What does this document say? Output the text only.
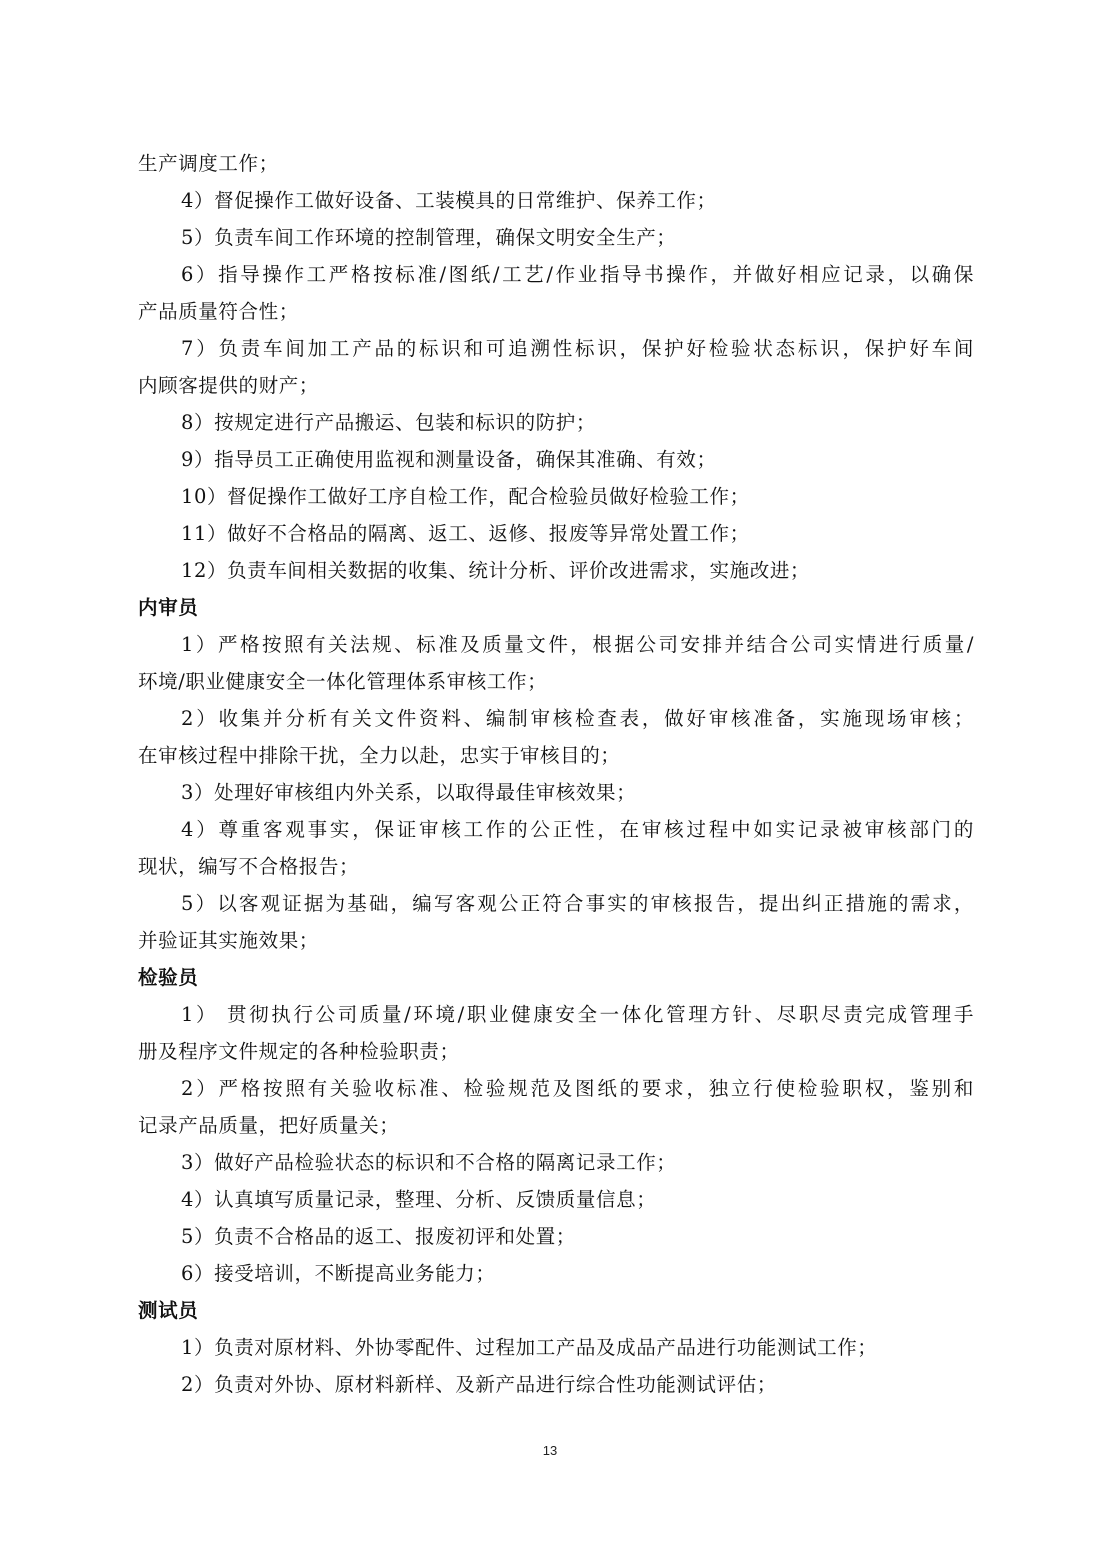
生产调度工作；
4）督促操作工做好设备、工装模具的日常维护、保养工作；
5）负责车间工作环境的控制管理，确保文明安全生产；
6）指导操作工严格按标准/图纸/工艺/作业指导书操作，并做好相应记录，以确保
产品质量符合性；
7）负责车间加工产品的标识和可追溯性标识，保护好检验状态标识，保护好车间
内顾客提供的财产；
8）按规定进行产品搬运、包装和标识的防护；
9）指导员工正确使用监视和测量设备，确保其准确、有效；
10）督促操作工做好工序自检工作，配合检验员做好检验工作；
11）做好不合格品的隔离、返工、返修、报废等异常处置工作；
12）负责车间相关数据的收集、统计分析、评价改进需求，实施改进；
内审员
1）严格按照有关法规、标准及质量文件，根据公司安排并结合公司实情进行质量/
环境/职业健康安全一体化管理体系审核工作；
2）收集并分析有关文件资料、编制审核检查表，做好审核准备，实施现场审核；
在审核过程中排除干扰，全力以赴，忠实于审核目的；
3）处理好审核组内外关系，以取得最佳审核效果；
4）尊重客观事实，保证审核工作的公正性，在审核过程中如实记录被审核部门的
现状，编写不合格报告；
5）以客观证据为基础，编写客观公正符合事实的审核报告，提出纠正措施的需求，
并验证其实施效果；
检验员
1） 贯彻执行公司质量/环境/职业健康安全一体化管理方针、尽职尽责完成管理手
册及程序文件规定的各种检验职责；
2）严格按照有关验收标准、检验规范及图纸的要求，独立行使检验职权，鉴别和
记录产品质量，把好质量关；
3）做好产品检验状态的标识和不合格的隔离记录工作；
4）认真填写质量记录，整理、分析、反馈质量信息；
5）负责不合格品的返工、报废初评和处置；
6）接受培训，不断提高业务能力；
测试员
1）负责对原材料、外协零配件、过程加工产品及成品产品进行功能测试工作；
2）负责对外协、原材料新样、及新产品进行综合性功能测试评估；
13
